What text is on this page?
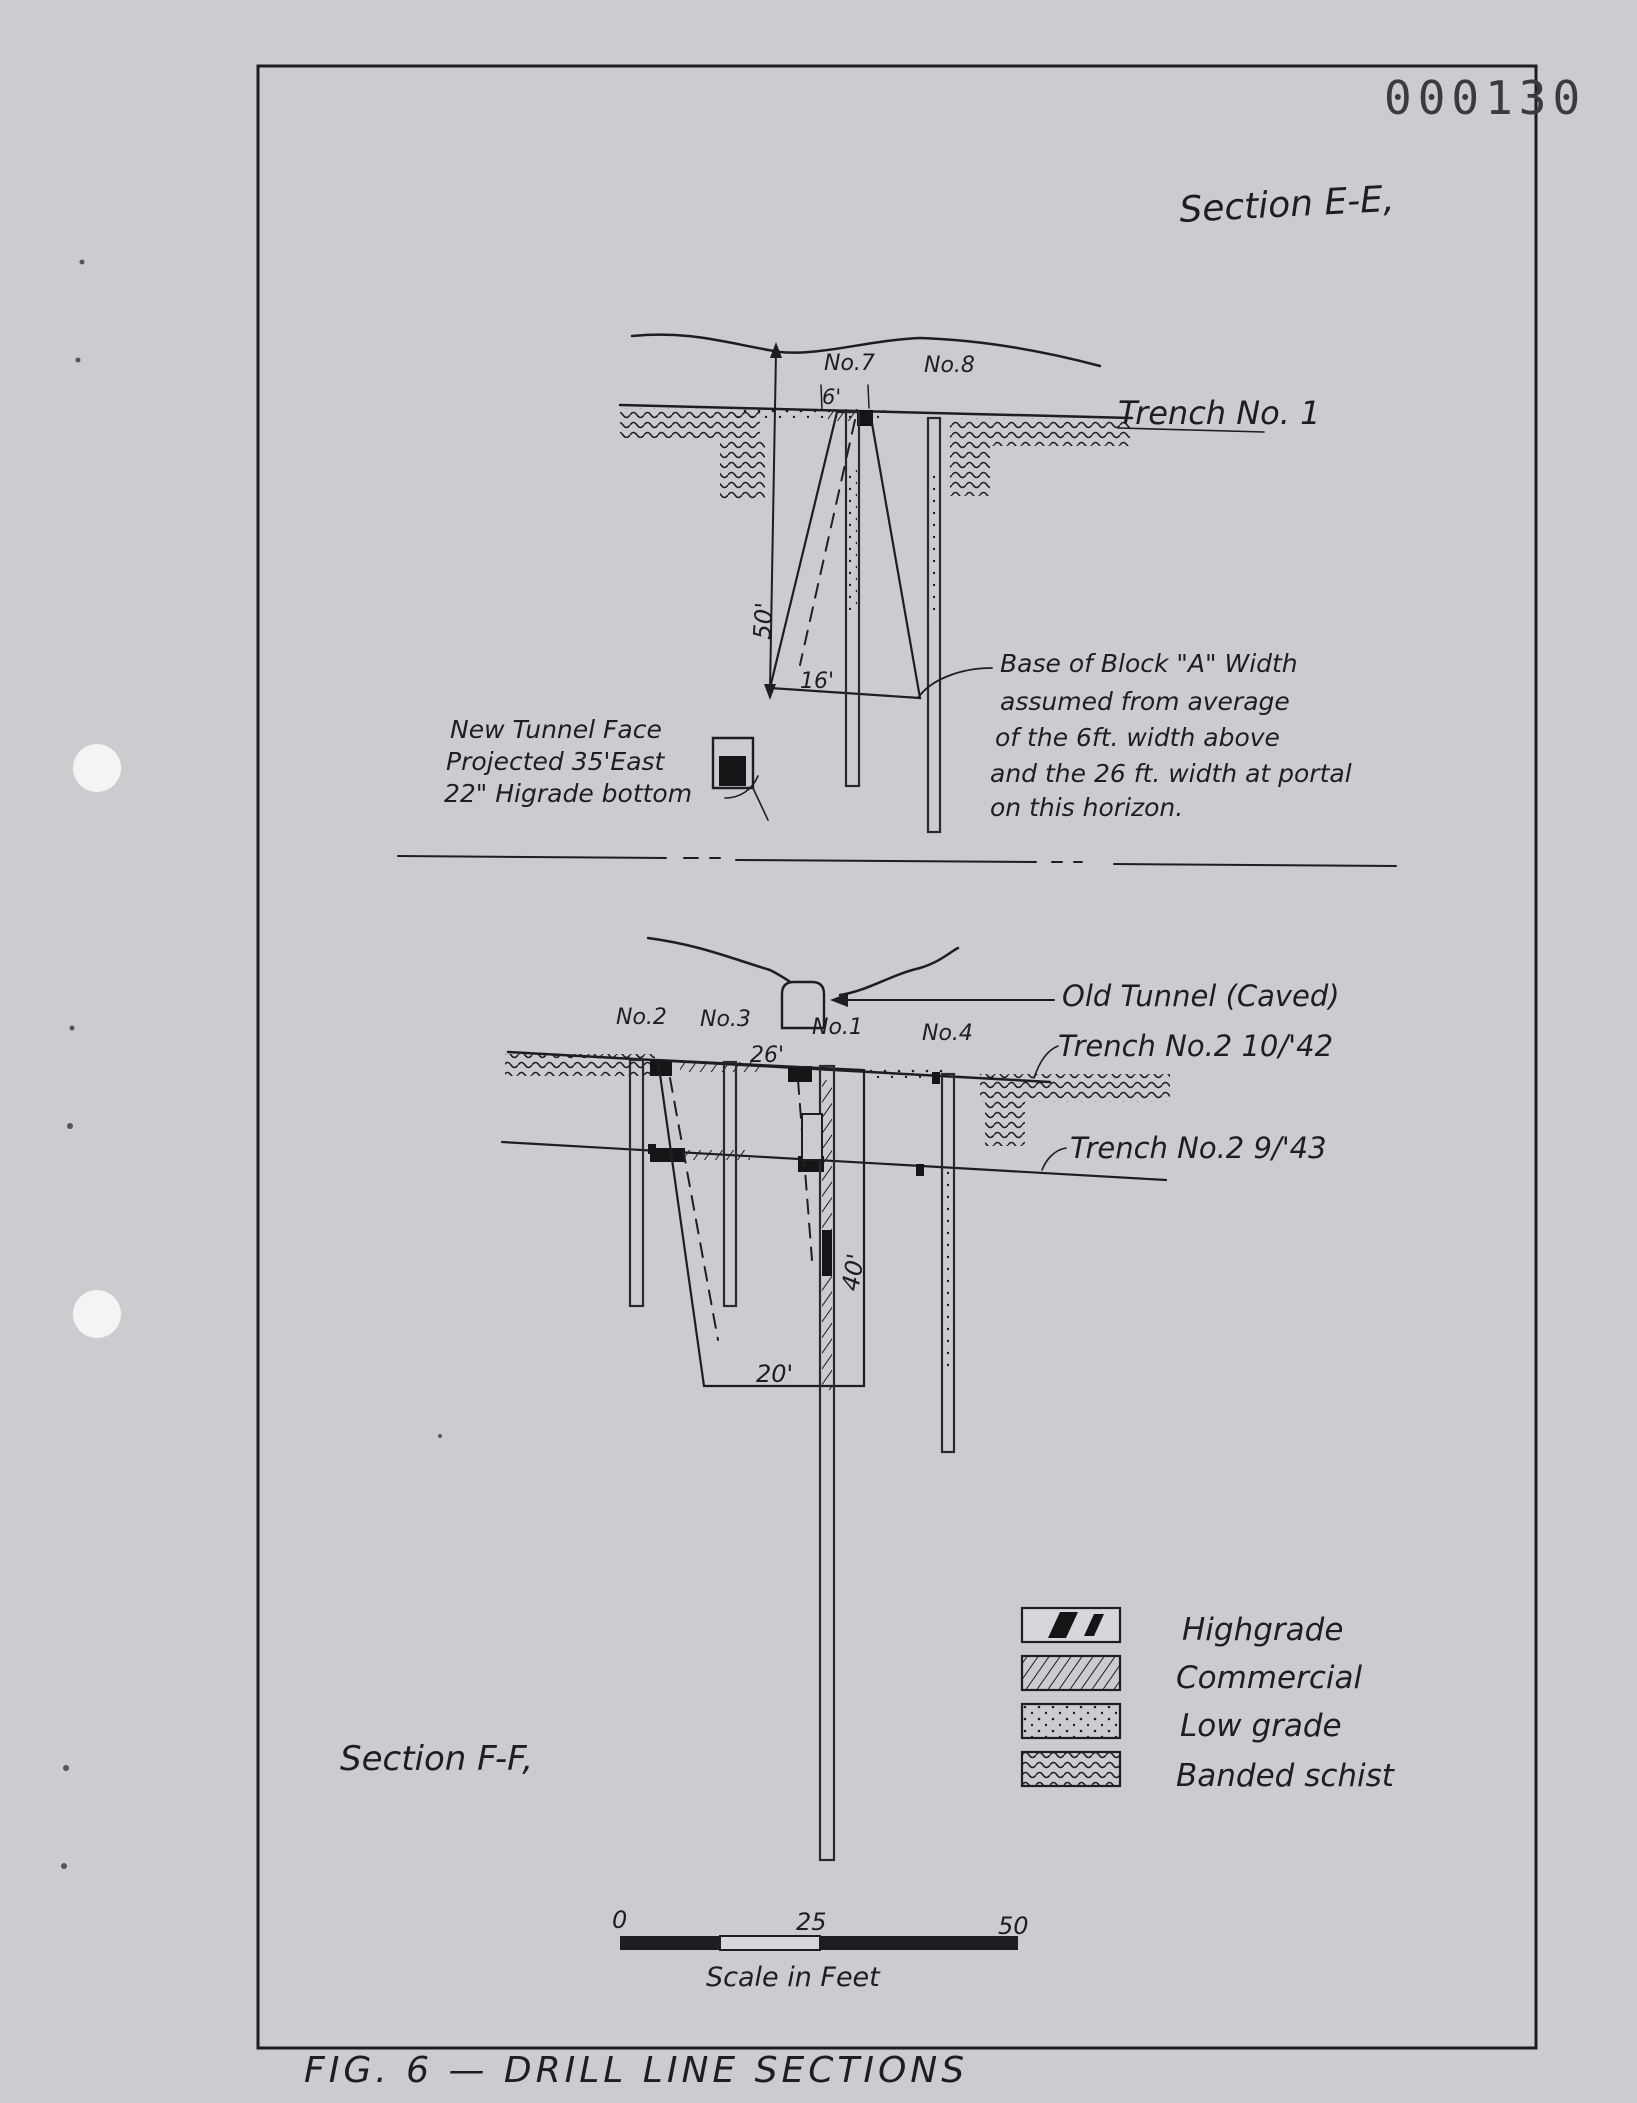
000130
Section E-E,
50'
16'
6'
No.7 No.8
Trench No. 1
Base of Block "A" Width assumed from average of the 6ft. width above and the 26 ft. width at portal on this horizon.
New Tunnel Face Projected 35'East 22" Higrade bottom
Old Tunnel (Caved)
Trench No.2 10/'42
Trench No.2 9/'43
No.2 No.3	No.1	No.4
26'
40'
20'
Section F-F,
Highgrade
Commercial
Low grade
Banded schist
0	25	50
Scale in Feet
FIG. 6 — DRILL LINE SECTIONS
